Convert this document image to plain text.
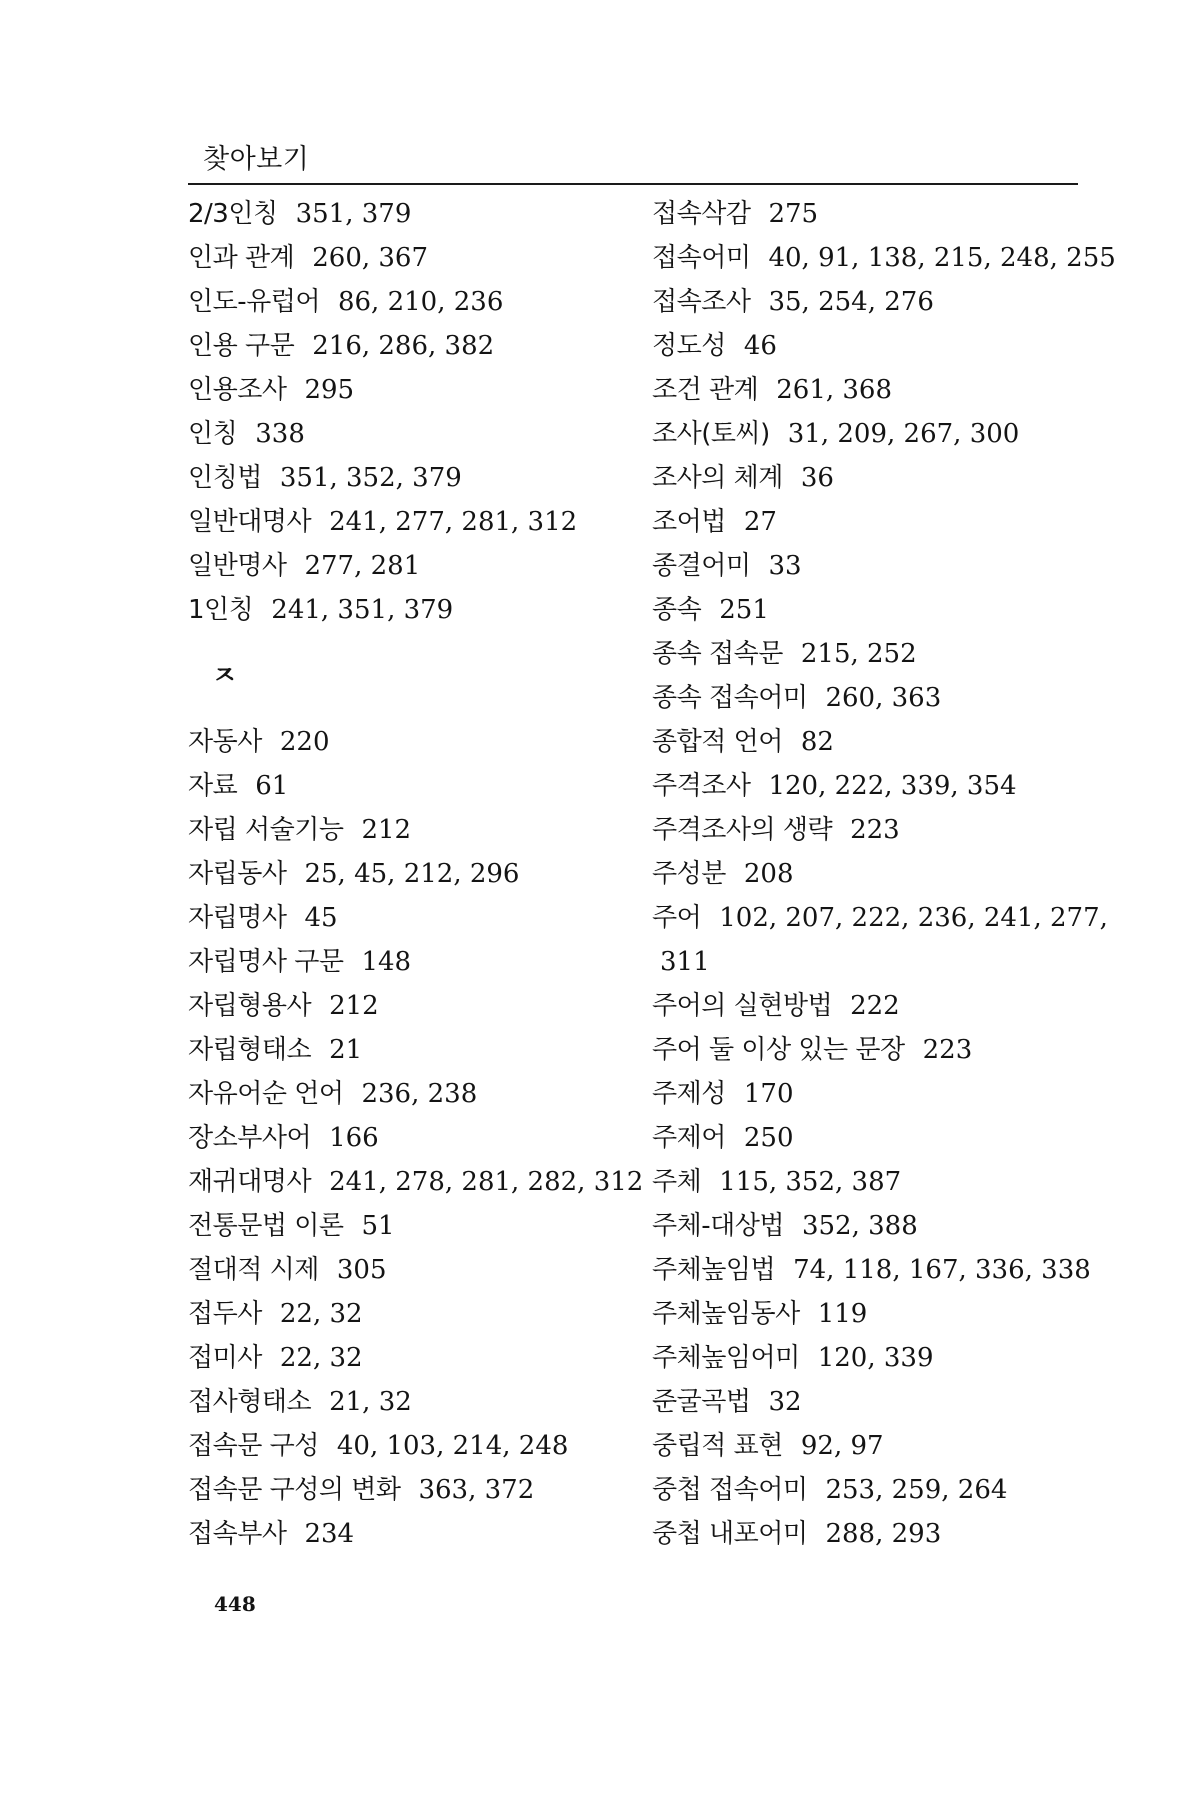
찾아보기
2/3인칭 351, 379
인과 관계 260, 367
인도-유럽어 86, 210, 236
인용 구문 216, 286, 382
인용조사 295
인칭 338
인칭법 351, 352, 379
일반대명사 241, 277, 281, 312
일반명사 277, 281
1인칭 241, 351, 379
ㅈ
자동사 220
자료 61
자립 서술기능 212
자립동사 25, 45, 212, 296
자립명사 45
자립명사 구문 148
자립형용사 212
자립형태소 21
자유어순 언어 236, 238
장소부사어 166
재귀대명사 241, 278, 281, 282, 312
전통문법 이론 51
절대적 시제 305
접두사 22, 32
접미사 22, 32
접사형태소 21, 32
접속문 구성 40, 103, 214, 248
접속문 구성의 변화 363, 372
접속부사 234
접속삭감 275
접속어미 40, 91, 138, 215, 248, 255
접속조사 35, 254, 276
정도성 46
조건 관계 261, 368
조사(토씨) 31, 209, 267, 300
조사의 체계 36
조어법 27
종결어미 33
종속 251
종속 접속문 215, 252
종속 접속어미 260, 363
종합적 언어 82
주격조사 120, 222, 339, 354
주격조사의 생략 223
주성분 208
주어 102, 207, 222, 236, 241, 277,
311
주어의 실현방법 222
주어 둘 이상 있는 문장 223
주제성 170
주제어 250
주체 115, 352, 387
주체-대상법 352, 388
주체높임법 74, 118, 167, 336, 338
주체높임동사 119
주체높임어미 120, 339
준굴곡법 32
중립적 표현 92, 97
중첩 접속어미 253, 259, 264
중첩 내포어미 288, 293
448
